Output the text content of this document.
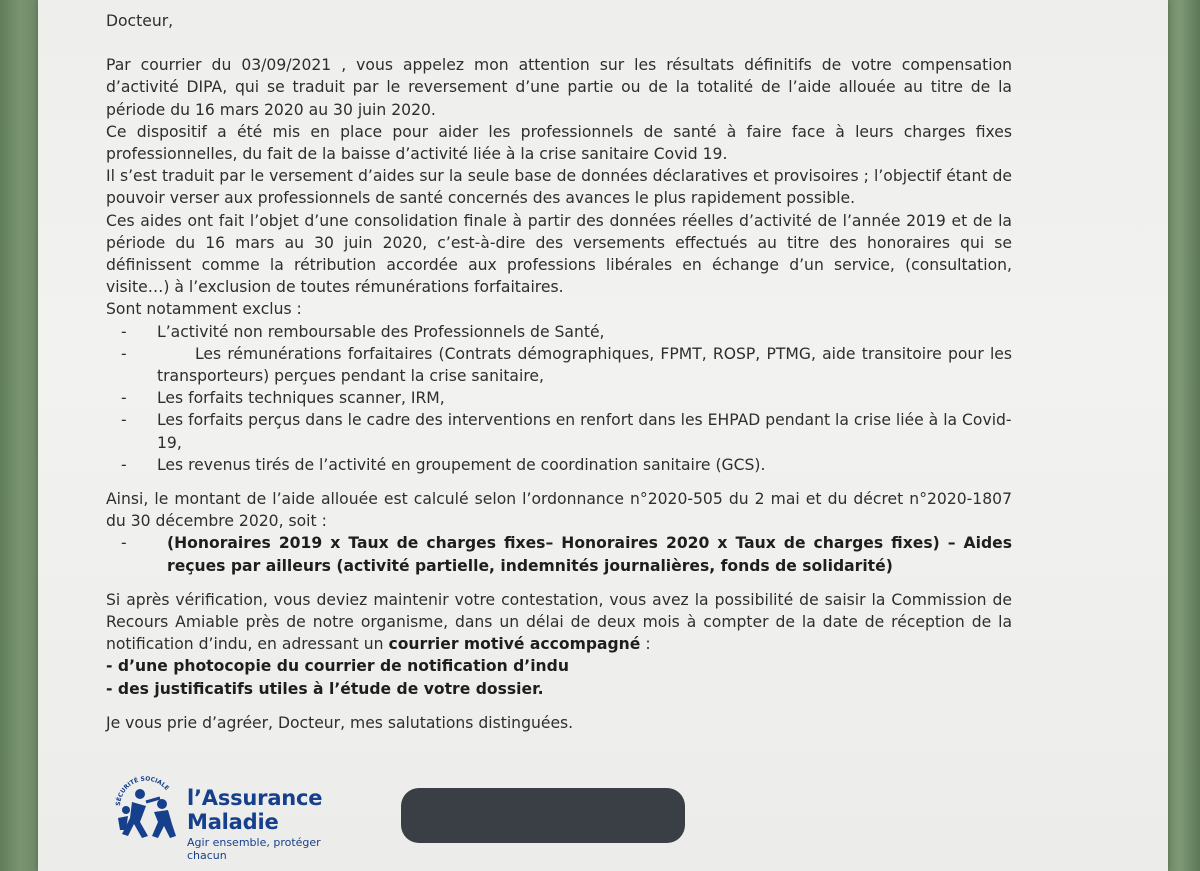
Docteur,

Par courrier du 03/09/2021 , vous appelez mon attention sur les résultats définitifs de votre compensation d’activité DIPA, qui se traduit par le reversement d’une partie ou de la totalité de l’aide allouée au titre de la période du 16 mars 2020 au 30 juin 2020.

Ce dispositif a été mis en place pour aider les professionnels de santé à faire face à leurs charges fixes professionnelles, du fait de la baisse d’activité liée à la crise sanitaire Covid 19.

Il s’est traduit par le versement d’aides sur la seule base de données déclaratives et provisoires ; l’objectif étant de pouvoir verser aux professionnels de santé concernés des avances le plus rapidement possible.

Ces aides ont fait l’objet d’une consolidation finale à partir des données réelles d’activité de l’année 2019 et de la période du 16 mars au 30 juin 2020, c’est-à-dire des versements effectués au titre des honoraires qui se définissent comme la rétribution accordée aux professions libérales en échange d’un service, (consultation, visite…) à l’exclusion de toutes rémunérations forfaitaires.

Sont notamment exclus :

- L’activité non remboursable des Professionnels de Santé,
-	Les rémunérations forfaitaires (Contrats démographiques, FPMT, ROSP, PTMG, aide transitoire pour les transporteurs) perçues pendant la crise sanitaire,
- Les forfaits techniques scanner, IRM,
- Les forfaits perçus dans le cadre des interventions en renfort dans les EHPAD pendant la crise liée à la Covid-19,
- Les revenus tirés de l’activité en groupement de coordination sanitaire (GCS).

Ainsi, le montant de l’aide allouée est calculé selon l’ordonnance n°2020-505 du 2 mai et du décret n°2020-1807 du 30 décembre 2020, soit :

-	(Honoraires 2019 x Taux de charges fixes– Honoraires 2020 x Taux de charges fixes) – Aides reçues par ailleurs (activité partielle, indemnités journalières, fonds de solidarité)

Si après vérification, vous deviez maintenir votre contestation, vous avez la possibilité de saisir la Commission de Recours Amiable près de notre organisme, dans un délai de deux mois à compter de la date de réception de la notification d’indu, en adressant un courrier motivé accompagné :

- d’une photocopie du courrier de notification d’indu

- des justificatifs utiles à l’étude de votre dossier.

Je vous prie d’agréer, Docteur, mes salutations distinguées.

SÉCURITÉ SOCIALE l’Assurance
Maladie
Agir ensemble, protéger chacun
